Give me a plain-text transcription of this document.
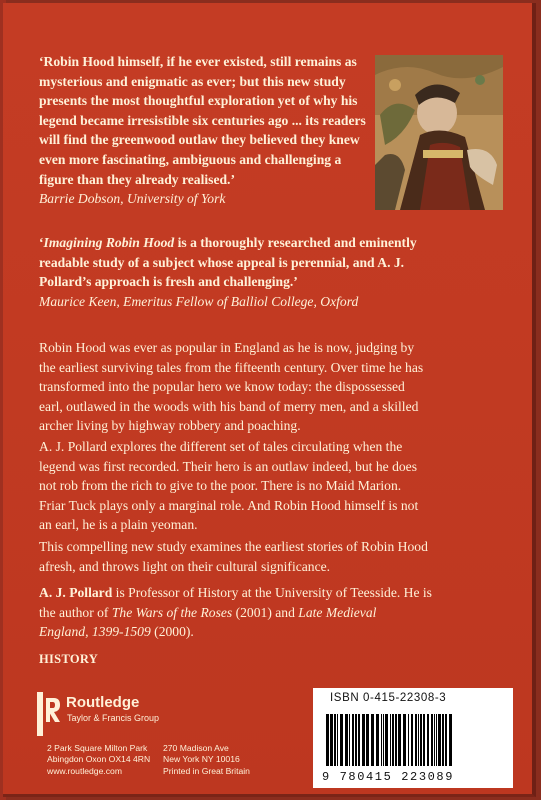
‘Robin Hood himself, if he ever existed, still remains as
mysterious and enigmatic as ever; but this new study
presents the most thoughtful exploration yet of why his
legend became irresistible six centuries ago ... its readers
will find the greenwood outlaw they believed they knew
even more fascinating, ambiguous and challenging a
figure than they already realised.’
Barrie Dobson, University of York
‘Imagining Robin Hood is a thoroughly researched and eminently
readable study of a subject whose appeal is perennial, and A. J.
Pollard’s approach is fresh and challenging.’
Maurice Keen, Emeritus Fellow of Balliol College, Oxford
Robin Hood was ever as popular in England as he is now, judging by
the earliest surviving tales from the fifteenth century. Over time he has
transformed into the popular hero we know today: the dispossessed
earl, outlawed in the woods with his band of merry men, and a skilled
archer living by highway robbery and poaching.
A. J. Pollard explores the different set of tales circulating when the
legend was first recorded. Their hero is an outlaw indeed, but he does
not rob from the rich to give to the poor. There is no Maid Marion.
Friar Tuck plays only a marginal role. And Robin Hood himself is not
an earl, he is a plain yeoman.
This compelling new study examines the earliest stories of Robin Hood
afresh, and throws light on their cultural significance.
A. J. Pollard is Professor of History at the University of Teesside. He is
the author of The Wars of the Roses (2001) and Late Medieval
England, 1399-1509 (2000).
HISTORY
Routledge
Taylor & Francis Group
2 Park Square Milton Park
Abingdon Oxon OX14 4RN
www.routledge.com
270 Madison Ave
New York NY 10016
Printed in Great Britain
ISBN 0-415-22308-3
9 780415 223089
